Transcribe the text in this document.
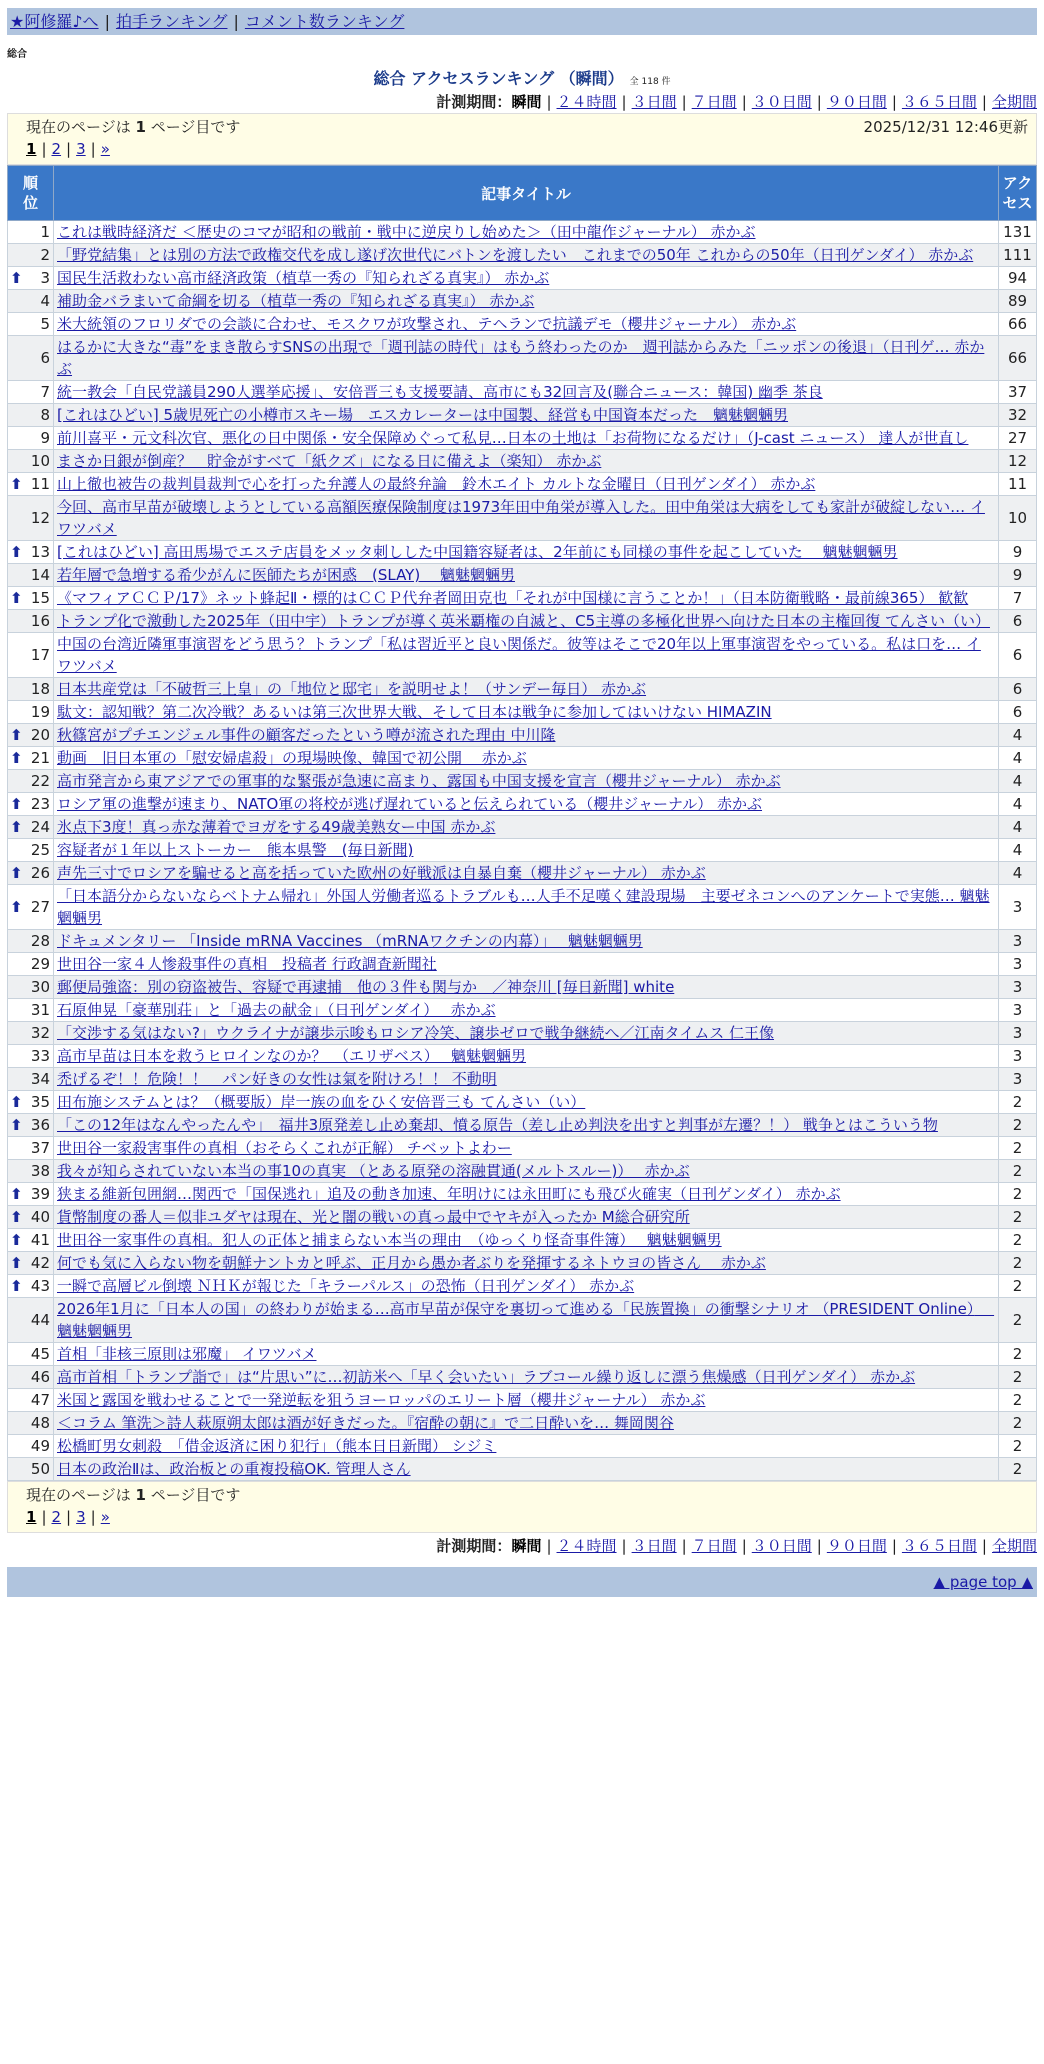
★阿修羅♪へ | 拍手ランキング | コメント数ランキング
総合
総合 アクセスランキング （瞬間） 全 118 件
計測期間：瞬間 | ２４時間 | ３日間 | ７日間 | ３０日間 | ９０日間 | ３６５日間 | 全期間
現在のページは 1 ページ目です	2025/12/31 12:46更新
1 | 2 | 3 | »
順
位	記事タイトル	アク
セス
1	これは戦時経済だ ＜歴史のコマが昭和の戦前・戦中に逆戻りし始めた＞（田中龍作ジャーナル） 赤かぶ	131
2	「野党結集」とは別の方法で政権交代を成し遂げ次世代にバトンを渡したい　これまでの50年 これからの50年（日刊ゲンダイ） 赤かぶ	111

⬆ 3	国民生活救わない高市経済政策（植草一秀の『知られざる真実』） 赤かぶ	94
4	補助金バラまいて命綱を切る（植草一秀の『知られざる真実』） 赤かぶ	89
5	米大統領のフロリダでの会談に合わせ、モスクワが攻撃され、テヘランで抗議デモ（櫻井ジャーナル） 赤かぶ	66
6	はるかに大きな“毒”をまき散らすSNSの出現で「週刊誌の時代」はもう終わったのか　週刊誌からみた「ニッポンの後退」（日刊ゲ… 赤かぶ	66
7	統一教会「自民党議員290人選挙応援」、安倍晋三も支援要請、高市にも32回言及(聯合ニュース：韓国) 幽季 茶良	37
8	[これはひどい] 5歳児死亡の小樽市スキー場　エスカレーターは中国製、経営も中国資本だった　魑魅魍魎男	32
9	前川喜平・元文科次官、悪化の日中関係・安全保障めぐって私見…日本の土地は「お荷物になるだけ」（J-cast ニュース） 達人が世直し	27
10	まさか日銀が倒産？　貯金がすべて「紙クズ」になる日に備えよ（楽知） 赤かぶ	12

⬆ 11	山上徹也被告の裁判員裁判で心を打った弁護人の最終弁論　鈴木エイト カルトな金曜日（日刊ゲンダイ） 赤かぶ	11
12	今回、高市早苗が破壊しようとしている高額医療保険制度は1973年田中角栄が導入した。田中角栄は大病をしても家計が破綻しない… イワツバメ	10

⬆ 13	[これはひどい] 高田馬場でエステ店員をメッタ刺しした中国籍容疑者は、2年前にも同様の事件を起こしていた　 魑魅魍魎男	9
14	若年層で急増する希少がんに医師たちが困惑　(SLAY)　 魑魅魍魎男	9

⬆ 15	《マフィアＣＣＰ/17》ネット蜂起Ⅱ・標的はＣＣＰ代弁者岡田克也「それが中国様に言うことか！」（日本防衛戦略・最前線365） 歓歓	7
16	トランプ化で激動した2025年（田中宇）トランプが導く英米覇権の自滅と、C5主導の多極化世界へ向けた日本の主権回復 てんさい（い）	6
17	中国の台湾近隣軍事演習をどう思う？トランプ「私は習近平と良い関係だ。彼等はそこで20年以上軍事演習をやっている。私は口を… イワツバメ	6
18	日本共産党は「不破哲三上皇」の「地位と邸宅」を説明せよ！（サンデー毎日） 赤かぶ	6
19	駄文：認知戦？第二次冷戦？あるいは第三次世界大戦、そして日本は戦争に参加してはいけない HIMAZIN	6

⬆ 20	秋篠宮がプチエンジェル事件の顧客だったという噂が流された理由 中川隆	4

⬆ 21	動画　旧日本軍の「慰安婦虐殺」の現場映像、韓国で初公開　 赤かぶ	4
22	高市発言から東アジアでの軍事的な緊張が急速に高まり、露国も中国支援を宣言（櫻井ジャーナル） 赤かぶ	4

⬆ 23	ロシア軍の進撃が速まり、NATO軍の将校が逃げ遅れていると伝えられている（櫻井ジャーナル） 赤かぶ	4

⬆ 24	氷点下3度！真っ赤な薄着でヨガをする49歳美熟女ー中国 赤かぶ	4
25	容疑者が１年以上ストーカー　熊本県警　(毎日新聞)	4

⬆ 26	声先三寸でロシアを騙せると高を括っていた欧州の好戦派は自暴自棄（櫻井ジャーナル） 赤かぶ	4

⬆ 27	「日本語分からないならベトナム帰れ」外国人労働者巡るトラブルも…人手不足嘆く建設現場　主要ゼネコンへのアンケートで実態… 魑魅魍魎男	3
28	ドキュメンタリー 「Inside mRNA Vaccines （mRNAワクチンの内幕）」　 魑魅魍魎男	3
29	世田谷一家４人惨殺事件の真相　投稿者 行政調査新聞社	3
30	郵便局強盗：別の窃盗被告、容疑で再逮捕　他の３件も関与か　／神奈川 [毎日新聞] white	3
31	石原伸晃「豪華別荘」と「過去の献金」（日刊ゲンダイ）　 赤かぶ	3
32	「交渉する気はない?」ウクライナが譲歩示唆もロシア冷笑、譲歩ゼロで戦争継続へ／江南タイムス 仁王像	3
33	高市早苗は日本を救うヒロインなのか？　（エリザベス）　 魑魅魍魎男	3
34	禿げるぞ！！危険！！　パン好きの女性は氣を附けろ！！ 不動明	3

⬆ 35	田布施システムとは？（概要版）岸一族の血をひく安倍晋三も てんさい（い）	2

⬆ 36	「この12年はなんやったんや」　福井3原発差し止め棄却、憤る原告（差し止め判決を出すと判事が左遷？！） 戦争とはこういう物	2
37	世田谷一家殺害事件の真相（おそらくこれが正解） チベットよわー	2
38	我々が知らされていない本当の事10の真実 （とある原発の溶融貫通(メルトスルー)）　 赤かぶ	2

⬆ 39	狭まる維新包囲網…関西で「国保逃れ」追及の動き加速、年明けには永田町にも飛び火確実（日刊ゲンダイ） 赤かぶ	2

⬆ 40	貨幣制度の番人＝似非ユダヤは現在、光と闇の戦いの真っ最中でヤキが入ったか M総合研究所	2

⬆ 41	世田谷一家事件の真相。犯人の正体と捕まらない本当の理由　（ゆっくり怪奇事件簿）　 魑魅魍魎男	2

⬆ 42	何でも気に入らない物を朝鮮ナントカと呼ぶ、正月から愚か者ぶりを発揮するネトウヨの皆さん　 赤かぶ	2

⬆ 43	一瞬で高層ビル倒壊 ＮＨＫが報じた「キラーパルス」の恐怖（日刊ゲンダイ） 赤かぶ	2
44	2026年1月に「日本人の国」の終わりが始まる…高市早苗が保守を裏切って進める「民族置換」の衝撃シナリオ （PRESIDENT Online）　 魑魅魍魎男	2
45	首相「非核三原則は邪魔」 イワツバメ	2
46	高市首相「トランプ詣で」は“片思い”に…初訪米へ「早く会いたい」ラブコール繰り返しに漂う焦燥感（日刊ゲンダイ） 赤かぶ	2
47	米国と露国を戦わせることで一発逆転を狙うヨーロッパのエリート層（櫻井ジャーナル） 赤かぶ	2
48	＜コラム 筆洗＞詩人萩原朔太郎は酒が好きだった。『宿酔の朝に』で二日酔いを… 舞岡関谷	2
49	松橋町男女刺殺　「借金返済に困り犯行」（熊本日日新聞） シジミ	2
50	日本の政治Ⅱは、政治板との重複投稿OK. 管理人さん	2
現在のページは 1 ページ目です
1 | 2 | 3 | »
計測期間：瞬間 | ２４時間 | ３日間 | ７日間 | ３０日間 | ９０日間 | ３６５日間 | 全期間
▲ page top ▲
